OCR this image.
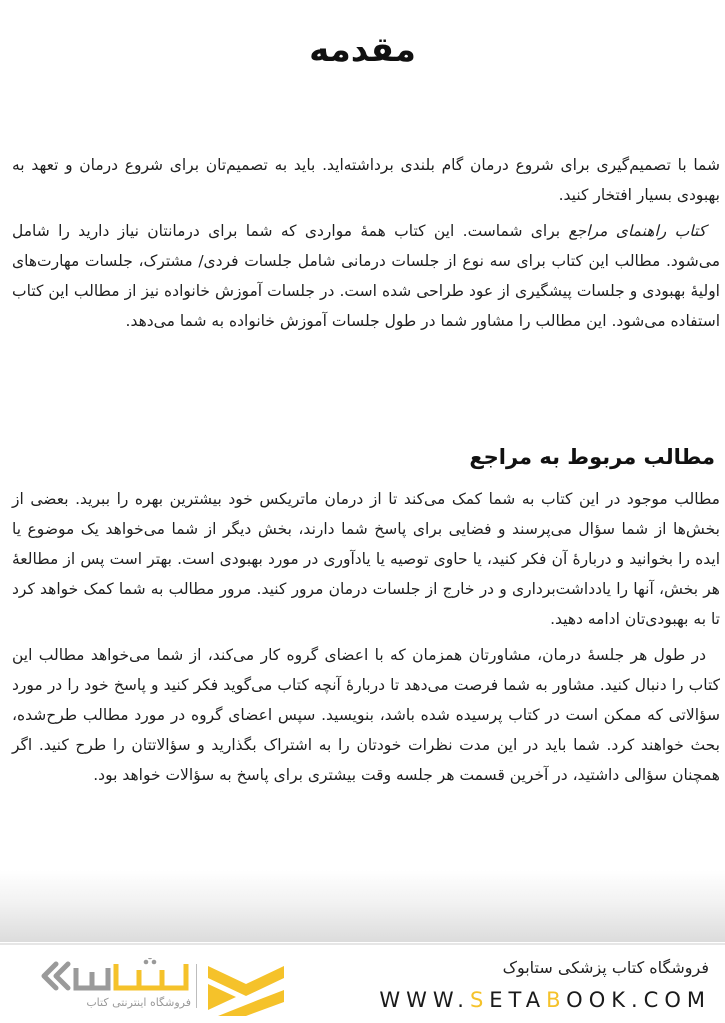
مقدمه

شما با تصمیم‌گیری برای شروع درمان گام بلندی برداشته‌اید. باید به تصمیم‌تان برای شروع درمان و تعهد به بهبودی بسیار افتخار کنید.

کتاب راهنمای مراجع برای شماست. این کتاب همهٔ مواردی که شما برای درمانتان نیاز دارید را شامل می‌شود. مطالب این کتاب برای سه نوع از جلسات درمانی شامل جلسات فردی/ مشترک، جلسات مهارت‌های اولیهٔ بهبودی و جلسات پیشگیری از عود طراحی شده است. در جلسات آموزش خانواده نیز از مطالب این کتاب استفاده می‌شود. این مطالب را مشاور شما در طول جلسات آموزش خانواده به شما می‌دهد.

مطالب مربوط به مراجع

مطالب موجود در این کتاب به شما کمک می‌کند تا از درمان ماتریکس خود بیشترین بهره را ببرید. بعضی از بخش‌ها از شما سؤال می‌پرسند و فضایی برای پاسخ شما دارند، بخش دیگر از شما می‌خواهد یک موضوع یا ایده را بخوانید و دربارهٔ آن فکر کنید، یا حاوی توصیه یا یادآوری در مورد بهبودی است. بهتر است پس از مطالعهٔ هر بخش، آنها را یادداشت‌برداری و در خارج از جلسات درمان مرور کنید. مرور مطالب به شما کمک خواهد کرد تا به بهبودی‌تان ادامه دهید.

در طول هر جلسهٔ درمان، مشاورتان همزمان که با اعضای گروه کار می‌کند، از شما می‌خواهد مطالب این کتاب را دنبال کنید. مشاور به شما فرصت می‌دهد تا دربارهٔ آنچه کتاب می‌گوید فکر کنید و پاسخ خود را در مورد سؤالاتی که ممکن است در کتاب پرسیده شده باشد، بنویسید. سپس اعضای گروه در مورد مطالب طرح‌شده، بحث خواهند کرد. شما باید در این مدت نظرات خودتان را به اشتراک بگذارید و سؤالاتتان را طرح کنید. اگر همچنان سؤالی داشتید، در آخرین قسمت هر جلسه وقت بیشتری برای پاسخ به سؤالات خواهد بود.

فروشگاه اینترنتی کتاب
فروشگاه کتاب پزشکی ستابوک
WWW.SETABOOK.COM
